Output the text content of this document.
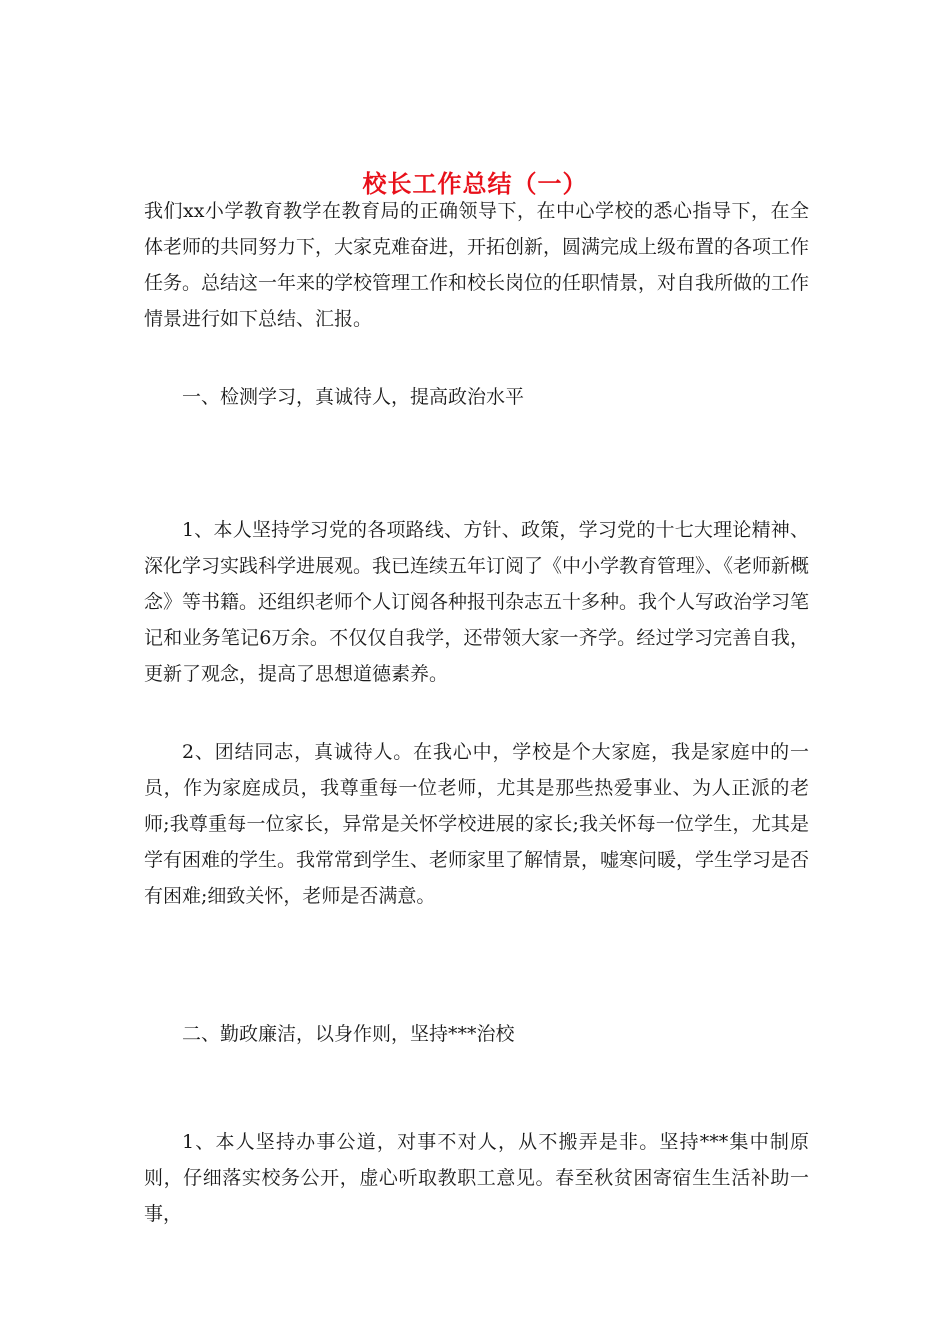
校长工作总结（一）

我们xx小学教育教学在教育局的正确领导下，在中心学校的悉心指导下，在全体老师的共同努力下，大家克难奋进，开拓创新，圆满完成上级布置的各项工作任务。总结这一年来的学校管理工作和校长岗位的任职情景，对自我所做的工作情景进行如下总结、汇报。

一、检测学习，真诚待人，提高政治水平

1、本人坚持学习党的各项路线、方针、政策，学习党的十七大理论精神、深化学习实践科学进展观。我已连续五年订阅了《中小学教育管理》、《老师新概念》等书籍。还组织老师个人订阅各种报刊杂志五十多种。我个人写政治学习笔记和业务笔记6万余。不仅仅自我学，还带领大家一齐学。经过学习完善自我，更新了观念，提高了思想道德素养。

2、团结同志，真诚待人。在我心中，学校是个大家庭，我是家庭中的一员，作为家庭成员，我尊重每一位老师，尤其是那些热爱事业、为人正派的老师;我尊重每一位家长，异常是关怀学校进展的家长;我关怀每一位学生，尤其是学有困难的学生。我常常到学生、老师家里了解情景，嘘寒问暖，学生学习是否有困难;细致关怀，老师是否满意。

二、勤政廉洁，以身作则，坚持***治校

1、本人坚持办事公道，对事不对人，从不搬弄是非。坚持***集中制原则，仔细落实校务公开，虚心听取教职工意见。春至秋贫困寄宿生生活补助一事，
